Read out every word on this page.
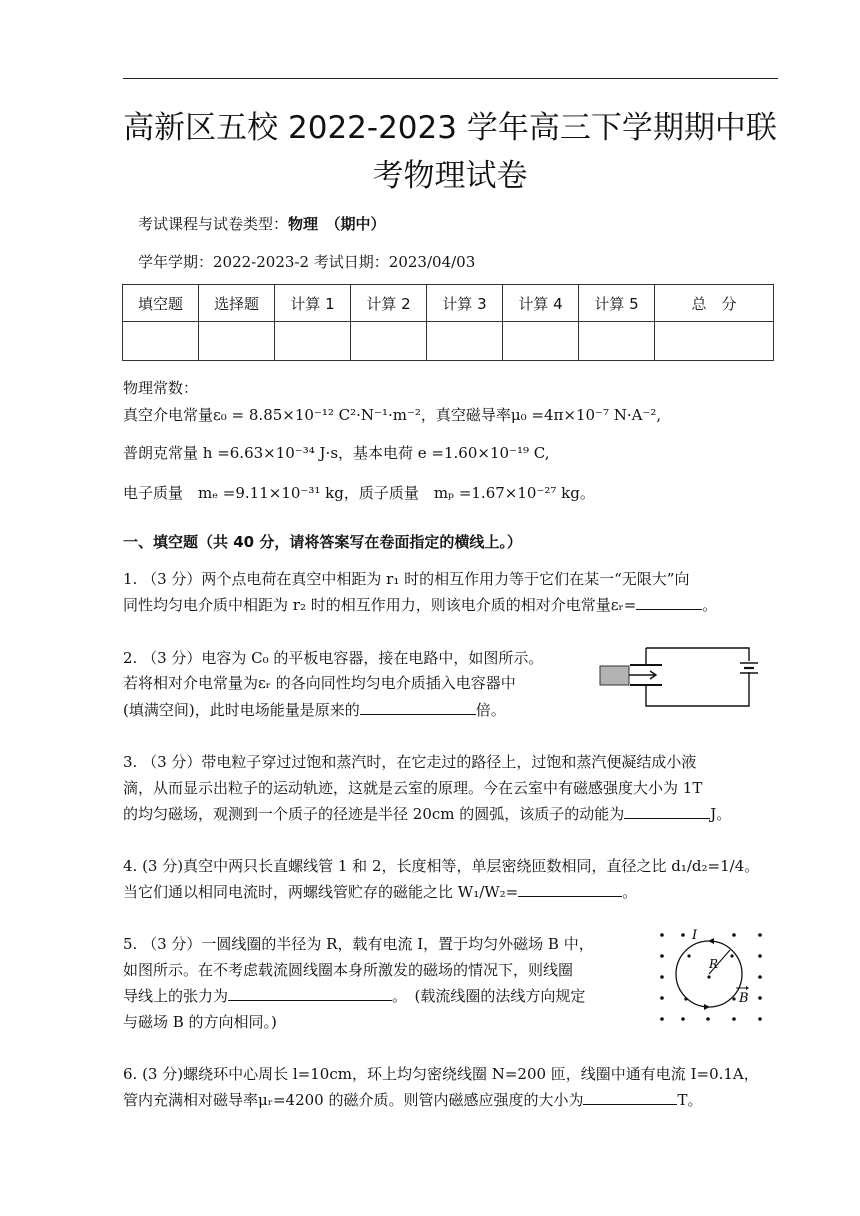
高新区五校 2022-2023 学年高三下学期期中联
考物理试卷
考试课程与试卷类型：物理　（期中）
学年学期：2022-2023-2 考试日期：2023/04/03
填空题	选择题	计算 1	计算 2	计算 3	计算 4	计算 5	总　分

物理常数：
真空介电常量ε₀ = 8.85×10⁻¹² C²·N⁻¹·m⁻²，真空磁导率μ₀ =4π×10⁻⁷ N·A⁻²,
普朗克常量 h =6.63×10⁻³⁴ J·s，基本电荷 e =1.60×10⁻¹⁹ C,
电子质量　mₑ =9.11×10⁻³¹ kg，质子质量　mₚ =1.67×10⁻²⁷ kg。
一、填空题（共 40 分，请将答案写在卷面指定的横线上。）
1. （3 分）两个点电荷在真空中相距为 r₁ 时的相互作用力等于它们在某一“无限大”向
同性均匀电介质中相距为 r₂ 时的相互作用力，则该电介质的相对介电常量εᵣ=	。
2. （3 分）电容为 C₀ 的平板电容器，接在电路中，如图所示。
若将相对介电常量为εᵣ 的各向同性均匀电介质插入电容器中
(填满空间)，此时电场能量是原来的	倍。
3. （3 分）带电粒子穿过过饱和蒸汽时，在它走过的路径上，过饱和蒸汽便凝结成小液
滴，从而显示出粒子的运动轨迹，这就是云室的原理。今在云室中有磁感强度大小为 1T
的均匀磁场，观测到一个质子的径迹是半径 20cm 的圆弧，该质子的动能为	J。
4. (3 分)真空中两只长直螺线管 1 和 2，长度相等，单层密绕匝数相同，直径之比 d₁/d₂=1/4。
当它们通以相同电流时，两螺线管贮存的磁能之比 W₁/W₂=	。
5. （3 分）一圆线圈的半径为 R，载有电流 I，置于均匀外磁场 B 中，
如图所示。在不考虑载流圆线圈本身所激发的磁场的情况下，则线圈
导线上的张力为	。　(载流线圈的法线方向规定
与磁场 B 的方向相同。)
I
R
B
6. (3 分)螺绕环中心周长 l=10cm，环上均匀密绕线圈 N=200 匝，线圈中通有电流 I=0.1A，
管内充满相对磁导率μᵣ=4200 的磁介质。则管内磁感应强度的大小为	T。
